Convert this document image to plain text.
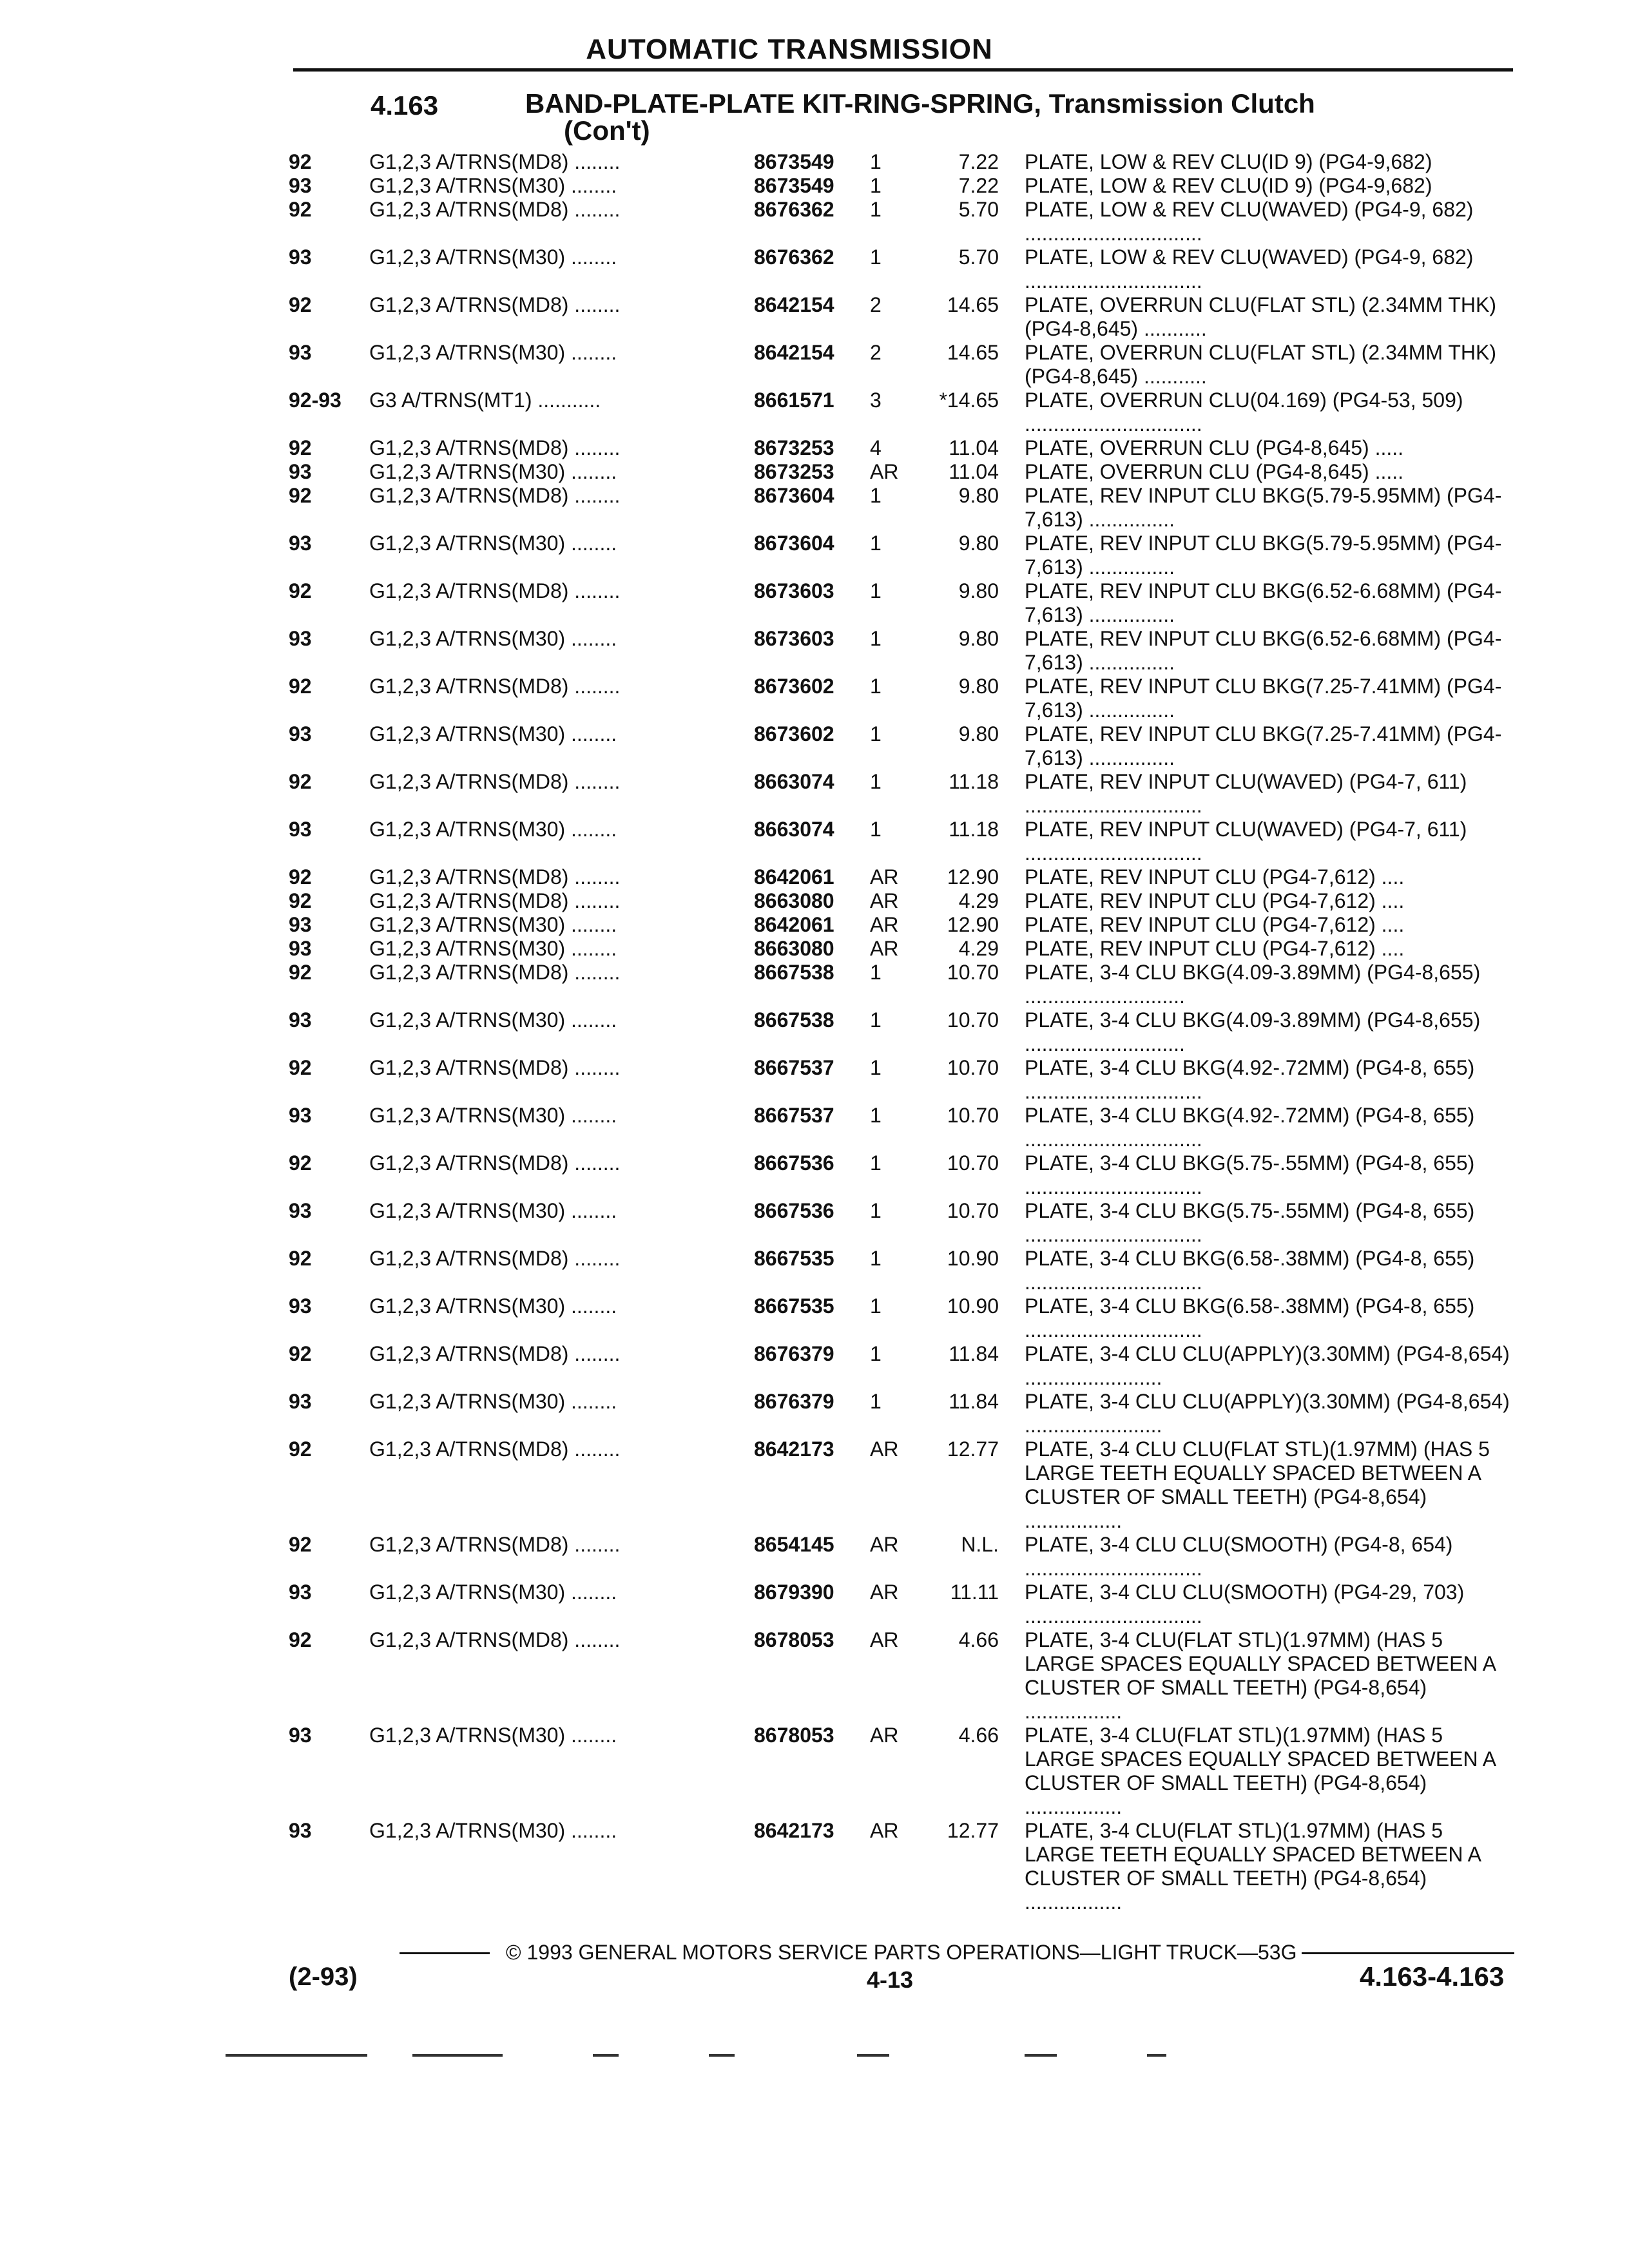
AUTOMATIC TRANSMISSION
4.163	BAND-PLATE-PLATE KIT-RING-SPRING, Transmission Clutch
(Con't)
92	G1,2,3 A/TRNS(MD8) ........	8673549	1	7.22	PLATE, LOW & REV CLU(ID 9) (PG4-9,682)
93	G1,2,3 A/TRNS(M30) ........	8673549	1	7.22	PLATE, LOW & REV CLU(ID 9) (PG4-9,682)
92	G1,2,3 A/TRNS(MD8) ........	8676362	1	5.70	PLATE, LOW & REV CLU(WAVED) (PG4-9, 682) ...............................
93	G1,2,3 A/TRNS(M30) ........	8676362	1	5.70	PLATE, LOW & REV CLU(WAVED) (PG4-9, 682) ...............................
92	G1,2,3 A/TRNS(MD8) ........	8642154	2	14.65	PLATE, OVERRUN CLU(FLAT STL) (2.34MM THK) (PG4-8,645) ...........
93	G1,2,3 A/TRNS(M30) ........	8642154	2	14.65	PLATE, OVERRUN CLU(FLAT STL) (2.34MM THK) (PG4-8,645) ...........
92-93	G3 A/TRNS(MT1) ...........	8661571	3	*14.65	PLATE, OVERRUN CLU(04.169) (PG4-53, 509) ...............................
92	G1,2,3 A/TRNS(MD8) ........	8673253	4	11.04	PLATE, OVERRUN CLU (PG4-8,645) .....
93	G1,2,3 A/TRNS(M30) ........	8673253	AR	11.04	PLATE, OVERRUN CLU (PG4-8,645) .....
92	G1,2,3 A/TRNS(MD8) ........	8673604	1	9.80	PLATE, REV INPUT CLU BKG(5.79-5.95MM) (PG4-7,613) ...............
93	G1,2,3 A/TRNS(M30) ........	8673604	1	9.80	PLATE, REV INPUT CLU BKG(5.79-5.95MM) (PG4-7,613) ...............
92	G1,2,3 A/TRNS(MD8) ........	8673603	1	9.80	PLATE, REV INPUT CLU BKG(6.52-6.68MM) (PG4-7,613) ...............
93	G1,2,3 A/TRNS(M30) ........	8673603	1	9.80	PLATE, REV INPUT CLU BKG(6.52-6.68MM) (PG4-7,613) ...............
92	G1,2,3 A/TRNS(MD8) ........	8673602	1	9.80	PLATE, REV INPUT CLU BKG(7.25-7.41MM) (PG4-7,613) ...............
93	G1,2,3 A/TRNS(M30) ........	8673602	1	9.80	PLATE, REV INPUT CLU BKG(7.25-7.41MM) (PG4-7,613) ...............
92	G1,2,3 A/TRNS(MD8) ........	8663074	1	11.18	PLATE, REV INPUT CLU(WAVED) (PG4-7, 611) ...............................
93	G1,2,3 A/TRNS(M30) ........	8663074	1	11.18	PLATE, REV INPUT CLU(WAVED) (PG4-7, 611) ...............................
92	G1,2,3 A/TRNS(MD8) ........	8642061	AR	12.90	PLATE, REV INPUT CLU (PG4-7,612) ....
92	G1,2,3 A/TRNS(MD8) ........	8663080	AR	4.29	PLATE, REV INPUT CLU (PG4-7,612) ....
93	G1,2,3 A/TRNS(M30) ........	8642061	AR	12.90	PLATE, REV INPUT CLU (PG4-7,612) ....
93	G1,2,3 A/TRNS(M30) ........	8663080	AR	4.29	PLATE, REV INPUT CLU (PG4-7,612) ....
92	G1,2,3 A/TRNS(MD8) ........	8667538	1	10.70	PLATE, 3-4 CLU BKG(4.09-3.89MM) (PG4-8,655) ............................
93	G1,2,3 A/TRNS(M30) ........	8667538	1	10.70	PLATE, 3-4 CLU BKG(4.09-3.89MM) (PG4-8,655) ............................
92	G1,2,3 A/TRNS(MD8) ........	8667537	1	10.70	PLATE, 3-4 CLU BKG(4.92-.72MM) (PG4-8, 655) ...............................
93	G1,2,3 A/TRNS(M30) ........	8667537	1	10.70	PLATE, 3-4 CLU BKG(4.92-.72MM) (PG4-8, 655) ...............................
92	G1,2,3 A/TRNS(MD8) ........	8667536	1	10.70	PLATE, 3-4 CLU BKG(5.75-.55MM) (PG4-8, 655) ...............................
93	G1,2,3 A/TRNS(M30) ........	8667536	1	10.70	PLATE, 3-4 CLU BKG(5.75-.55MM) (PG4-8, 655) ...............................
92	G1,2,3 A/TRNS(MD8) ........	8667535	1	10.90	PLATE, 3-4 CLU BKG(6.58-.38MM) (PG4-8, 655) ...............................
93	G1,2,3 A/TRNS(M30) ........	8667535	1	10.90	PLATE, 3-4 CLU BKG(6.58-.38MM) (PG4-8, 655) ...............................
92	G1,2,3 A/TRNS(MD8) ........	8676379	1	11.84	PLATE, 3-4 CLU CLU(APPLY)(3.30MM) (PG4-8,654) ........................
93	G1,2,3 A/TRNS(M30) ........	8676379	1	11.84	PLATE, 3-4 CLU CLU(APPLY)(3.30MM) (PG4-8,654) ........................
92	G1,2,3 A/TRNS(MD8) ........	8642173	AR	12.77	PLATE, 3-4 CLU CLU(FLAT STL)(1.97MM) (HAS 5 LARGE TEETH EQUALLY SPACED BETWEEN A CLUSTER OF SMALL TEETH) (PG4-8,654) .................
92	G1,2,3 A/TRNS(MD8) ........	8654145	AR	N.L.	PLATE, 3-4 CLU CLU(SMOOTH) (PG4-8, 654) ...............................
93	G1,2,3 A/TRNS(M30) ........	8679390	AR	11.11	PLATE, 3-4 CLU CLU(SMOOTH) (PG4-29, 703) ...............................
92	G1,2,3 A/TRNS(MD8) ........	8678053	AR	4.66	PLATE, 3-4 CLU(FLAT STL)(1.97MM) (HAS 5 LARGE SPACES EQUALLY SPACED BETWEEN A CLUSTER OF SMALL TEETH) (PG4-8,654) .................
93	G1,2,3 A/TRNS(M30) ........	8678053	AR	4.66	PLATE, 3-4 CLU(FLAT STL)(1.97MM) (HAS 5 LARGE SPACES EQUALLY SPACED BETWEEN A CLUSTER OF SMALL TEETH) (PG4-8,654) .................
93	G1,2,3 A/TRNS(M30) ........	8642173	AR	12.77	PLATE, 3-4 CLU(FLAT STL)(1.97MM) (HAS 5 LARGE TEETH EQUALLY SPACED BETWEEN A CLUSTER OF SMALL TEETH) (PG4-8,654) .................
© 1993 GENERAL MOTORS SERVICE PARTS OPERATIONS—LIGHT TRUCK—53G
(2-93)	4-13	4.163-4.163
